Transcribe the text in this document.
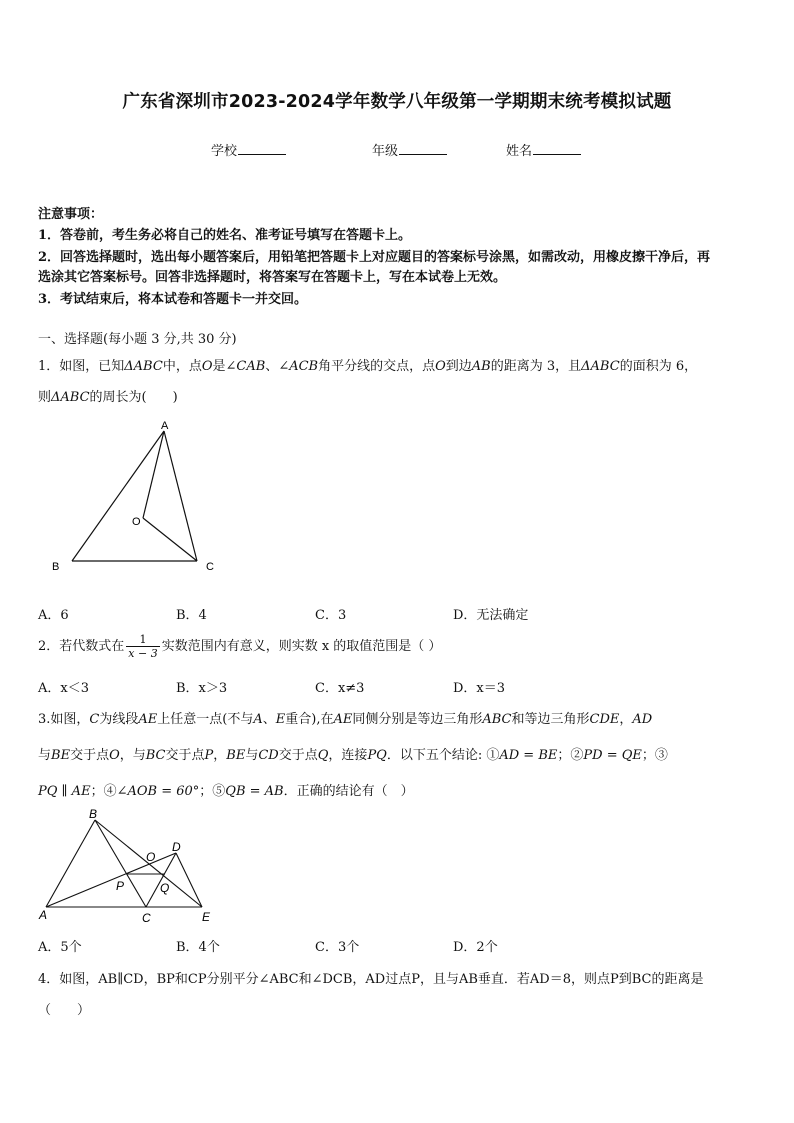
广东省深圳市2023-2024学年数学八年级第一学期期末统考模拟试题
学校	年级	姓名
注意事项：
1．答卷前，考生务必将自己的姓名、准考证号填写在答题卡上。
2．回答选择题时，选出每小题答案后，用铅笔把答题卡上对应题目的答案标号涂黑，如需改动，用橡皮擦干净后，再
选涂其它答案标号。回答非选择题时，将答案写在答题卡上，写在本试卷上无效。
3．考试结束后，将本试卷和答题卡一并交回。
一、选择题(每小题 3 分,共 30 分)
1．如图，已知ΔABC中，点O是∠CAB、∠ACB角平分线的交点，点O到边AB的距离为 3，且ΔABC的面积为 6，
则ΔABC的周长为(　　)
A
B	C
O
A．6	B．4	C．3	D．无法确定
2．若代数式在 $\frac{1}{x - 3}$ 实数范围内有意义，则实数 x 的取值范围是（ ）
A．x＜3	B．x＞3	C．x≠3	D．x＝3
3.如图，C为线段AE上任意一点(不与A、E重合),在AE同侧分别是等边三角形ABC和等边三角形CDE，AD
与BE交于点O，与BC交于点P，BE与CD交于点Q，连接PQ．以下五个结论: ①AD = BE；②PD = QE；③
PQ ∥ AE；④∠AOB = 60°；⑤QB = AB．正确的结论有（　）
B
D
O
P	Q
A	C	E
A．5个	B．4个	C．3个	D．2个
4．如图，AB∥CD，BP和CP分别平分∠ABC和∠DCB，AD过点P，且与AB垂直．若AD＝8，则点P到BC的距离是
（　　）
